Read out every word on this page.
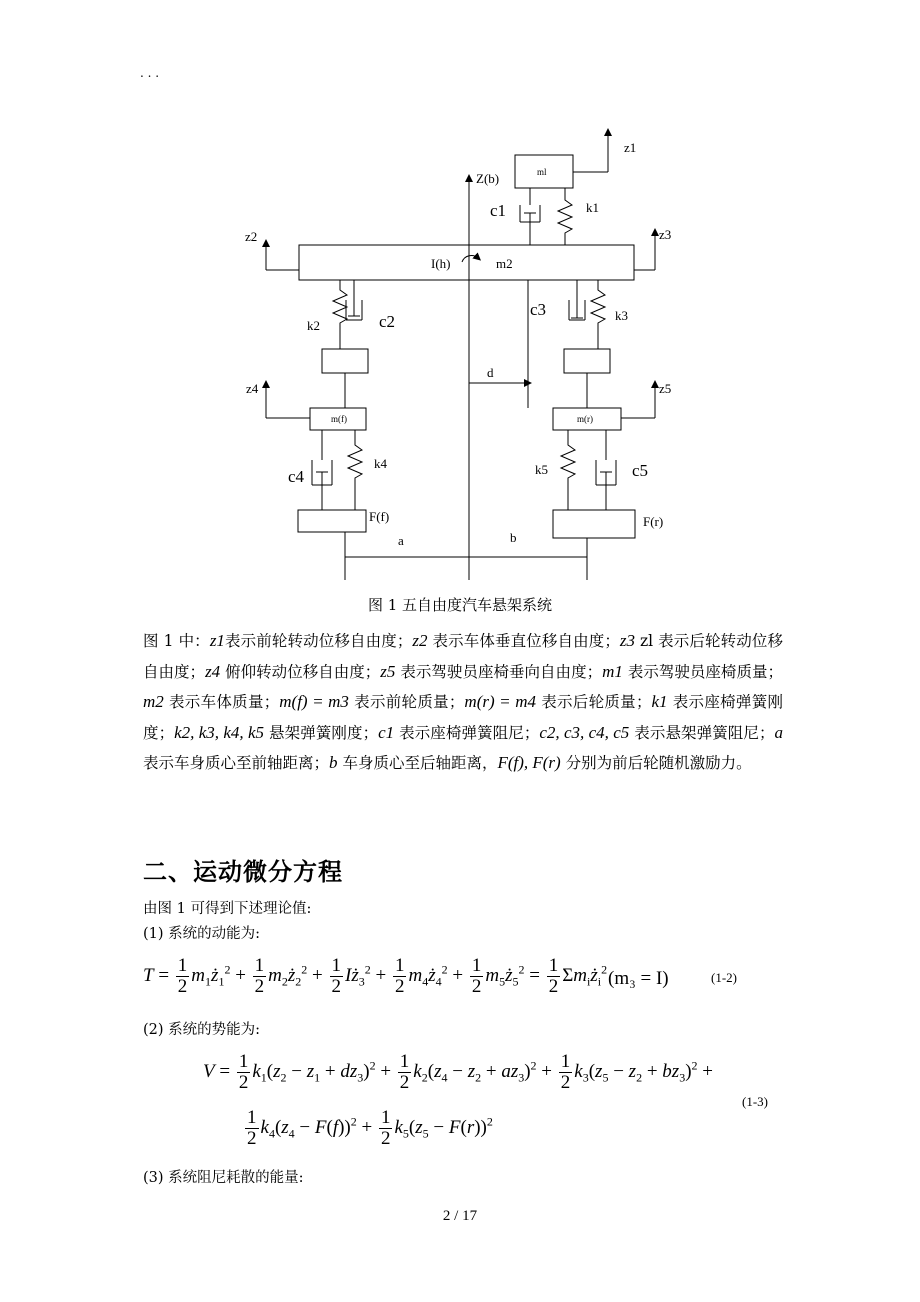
. . .
z1
ml
Z(b)
c1	k1
z2	z3
I(h)	m2
k2	c2
c3	k3
d
z4	z5
m(f)	m(r)
k4
c4	k5	c5
F(f)	F(r)
a	b
图 1 五自由度汽车悬架系统
图 1 中：z1表示前轮转动位移自由度；z2 表示车体垂直位移自由度；z3 zl 表示后轮转动位移自由度；z4 俯仰转动位移自由度；z5 表示驾驶员座椅垂向自由度；m1 表示驾驶员座椅质量；m2 表示车体质量；m(f) = m3 表示前轮质量；m(r) = m4 表示后轮质量；k1 表示座椅弹簧刚度；k2, k3, k4, k5 悬架弹簧刚度；c1 表示座椅弹簧阻尼；c2, c3, c4, c5 表示悬架弹簧阻尼；a 表示车身质心至前轴距离；b 车身质心至后轴距离，F(f), F(r) 分别为前后轮随机激励力。
二、运动微分方程
由图 1 可得到下述理论值:
(1) 系统的动能为:
$T = \frac{1}{2}$ $m_1ż_1^2 + \frac{1}{2}$ $m_2ż_2^2 + \frac{1}{2}$ $Iż_3^2 + \frac{1}{2}$ $m_4ż_4^2 + \frac{1}{2}$ $m_5ż_5^2 = \frac{1}{2}$ $\Sigma m_iż_i^2$ (m₃ = I)	(1-2)
(2) 系统的势能为:
$V = \frac{1}{2} k_1(z_2 - z_1 + dz_3)^2 + \frac{1}{2} k_2(z_4 - z_2 + az_3)^2 + \frac{1}{2} k_3(z_5 - z_2 + bz_3)^2$ +
$\frac{1}{2} k_4(z_4 - F(f))^2 + \frac{1}{2} k_5(z_5 - F(r))^2$
(1-3)
(3) 系统阻尼耗散的能量:
2 / 17
